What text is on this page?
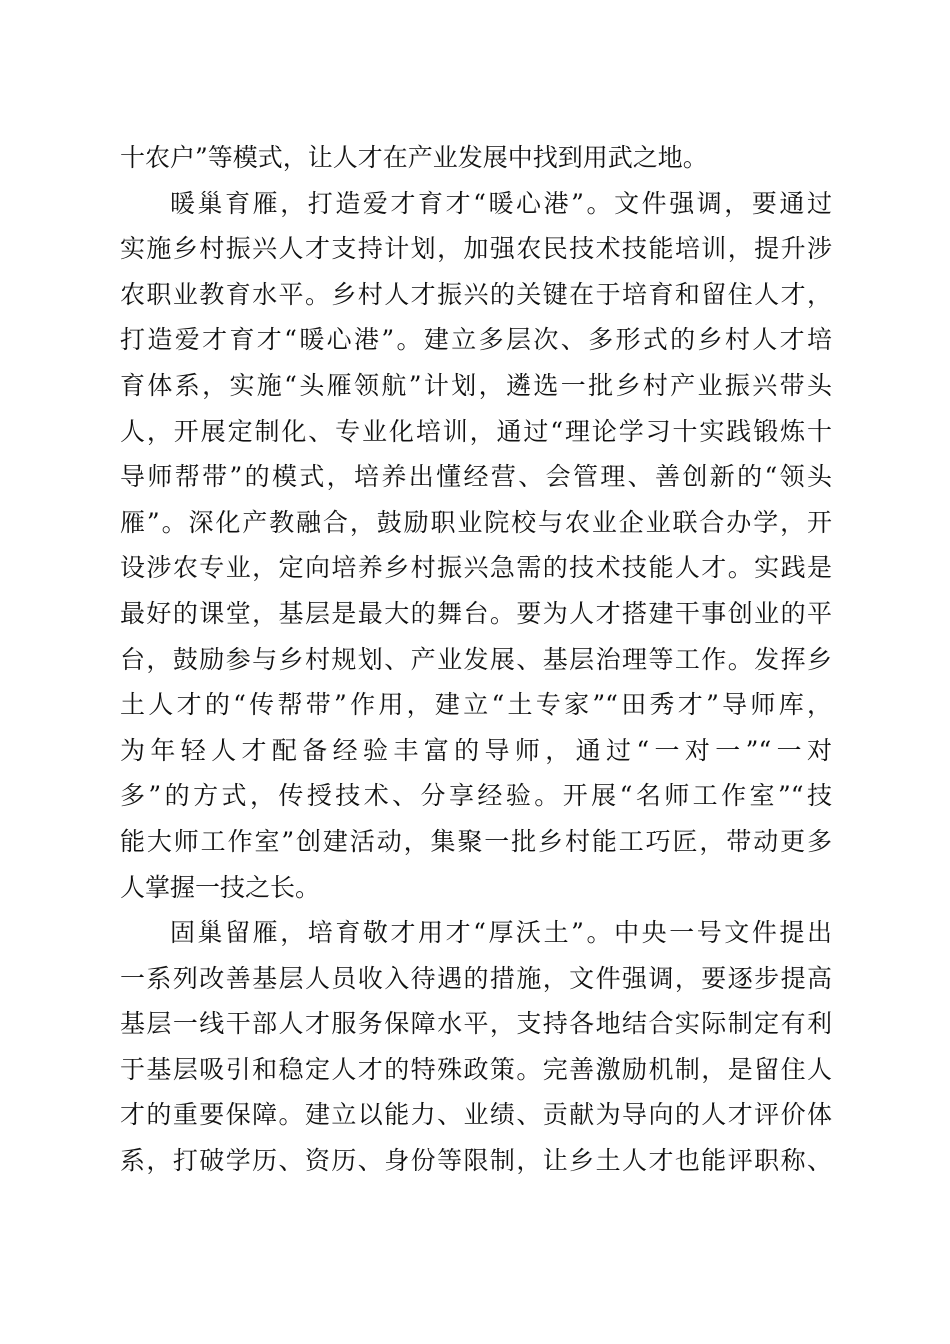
十农户”等模式，让人才在产业发展中找到用武之地。
暖巢育雁，打造爱才育才“暖心港”。文件强调，要通过
实施乡村振兴人才支持计划，加强农民技术技能培训，提升涉
农职业教育水平。乡村人才振兴的关键在于培育和留住人才，
打造爱才育才“暖心港”。建立多层次、多形式的乡村人才培
育体系，实施“头雁领航”计划，遴选一批乡村产业振兴带头
人，开展定制化、专业化培训，通过“理论学习十实践锻炼十
导师帮带”的模式，培养出懂经营、会管理、善创新的“领头
雁”。深化产教融合，鼓励职业院校与农业企业联合办学，开
设涉农专业，定向培养乡村振兴急需的技术技能人才。实践是
最好的课堂，基层是最大的舞台。要为人才搭建干事创业的平
台，鼓励参与乡村规划、产业发展、基层治理等工作。发挥乡
土人才的“传帮带”作用，建立“土专家”“田秀才”导师库，
为年轻人才配备经验丰富的导师，通过“一对一”“一对
多”的方式，传授技术、分享经验。开展“名师工作室”“技
能大师工作室”创建活动，集聚一批乡村能工巧匠，带动更多
人掌握一技之长。
固巢留雁，培育敬才用才“厚沃土”。中央一号文件提出
一系列改善基层人员收入待遇的措施，文件强调，要逐步提高
基层一线干部人才服务保障水平，支持各地结合实际制定有利
于基层吸引和稳定人才的特殊政策。完善激励机制，是留住人
才的重要保障。建立以能力、业绩、贡献为导向的人才评价体
系，打破学历、资历、身份等限制，让乡土人才也能评职称、
